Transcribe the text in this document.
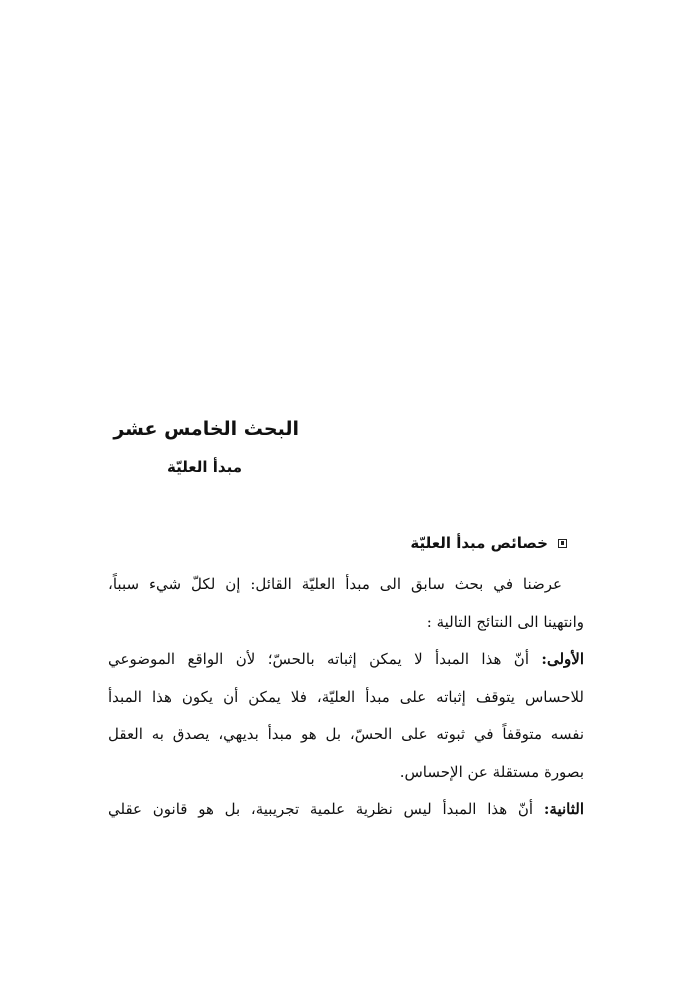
البحث الخامس عشر
مبدأ العليّة
خصائص مبدأ العليّة
عرضنا في بحث سابق الى مبدأ العليّة القائل: إن لكلّ شيء سبباً،
وانتهينا الى النتائج التالية :
الأولى: أنّ هذا المبدأ لا يمكن إثباته بالحسّ؛ لأن الواقع الموضوعي
للاحساس يتوقف إثباته على مبدأ العليّة، فلا يمكن أن يكون هذا المبدأ
نفسه متوقفاً في ثبوته على الحسّ، بل هو مبدأ بديهي، يصدق به العقل
بصورة مستقلة عن الإحساس.
الثانية: أنّ هذا المبدأ ليس نظرية علمية تجريبية، بل هو قانون عقلي
